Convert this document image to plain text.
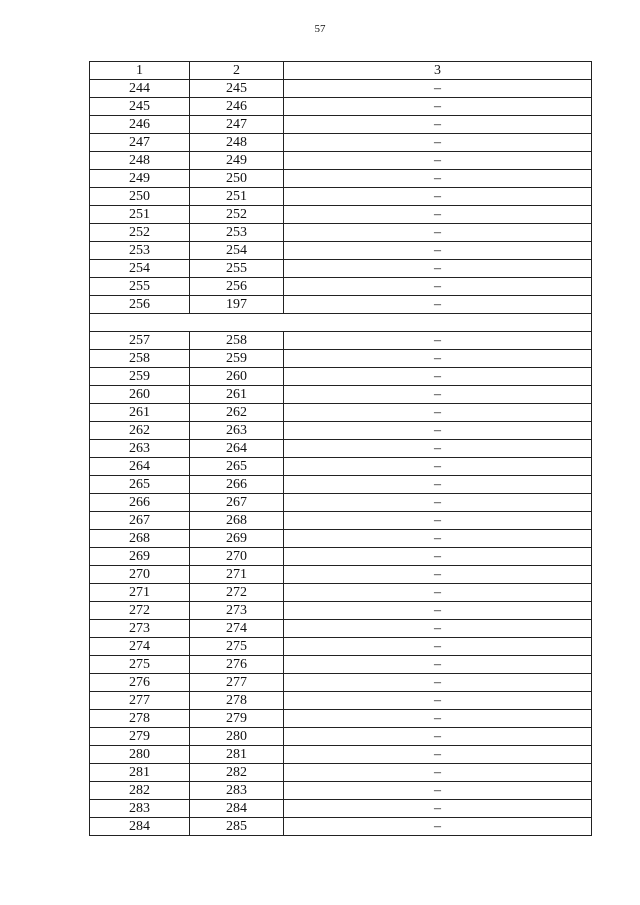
57
1	2	3
244	245	–
245	246	–
246	247	–
247	248	–
248	249	–
249	250	–
250	251	–
251	252	–
252	253	–
253	254	–
254	255	–
255	256	–
256	197	–

257	258	–
258	259	–
259	260	–
260	261	–
261	262	–
262	263	–
263	264	–
264	265	–
265	266	–
266	267	–
267	268	–
268	269	–
269	270	–
270	271	–
271	272	–
272	273	–
273	274	–
274	275	–
275	276	–
276	277	–
277	278	–
278	279	–
279	280	–
280	281	–
281	282	–
282	283	–
283	284	–
284	285	–
